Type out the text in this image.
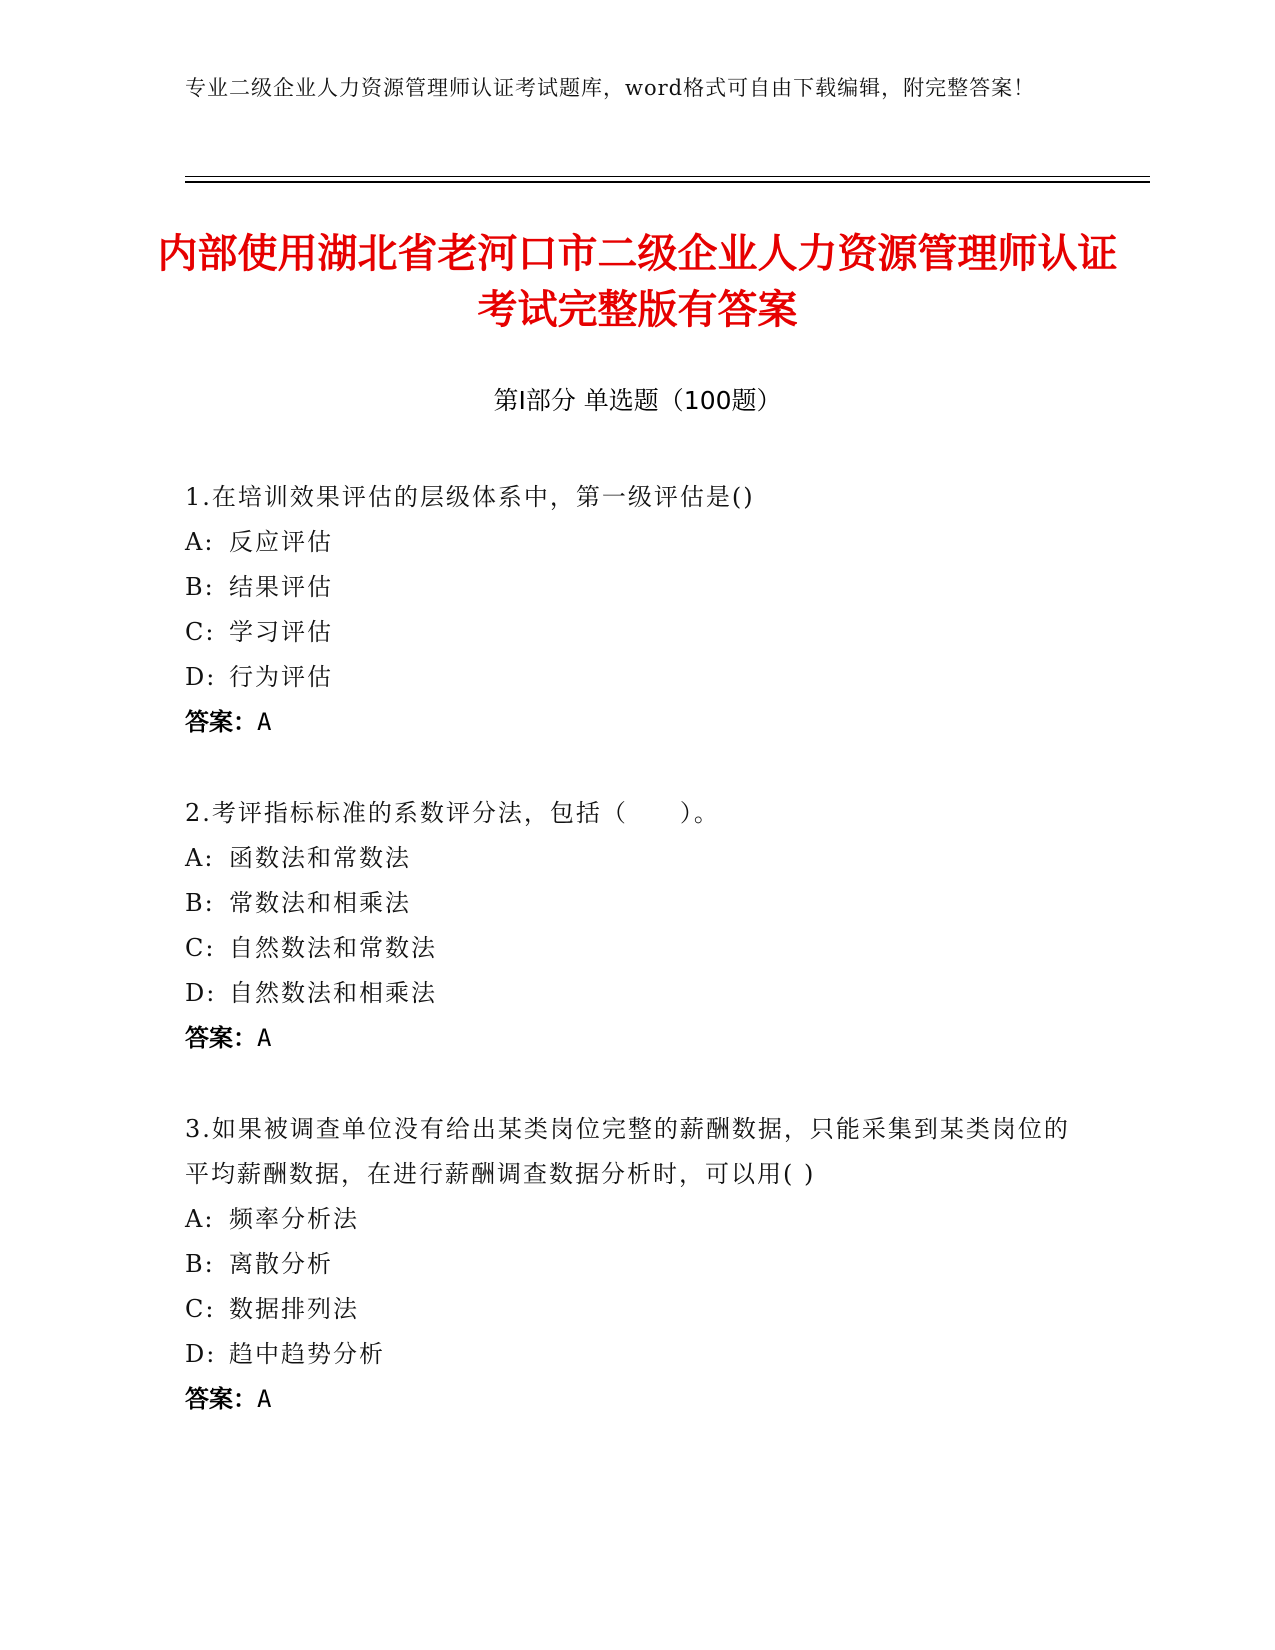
专业二级企业人力资源管理师认证考试题库，word格式可自由下载编辑，附完整答案！
内部使用湖北省老河口市二级企业人力资源管理师认证考试完整版有答案
第I部分 单选题（100题）
1.在培训效果评估的层级体系中，第一级评估是()
A: 反应评估
B: 结果评估
C: 学习评估
D: 行为评估
答案：A
2.考评指标标准的系数评分法，包括（　　）。
A: 函数法和常数法
B: 常数法和相乘法
C: 自然数法和常数法
D: 自然数法和相乘法
答案：A
3.如果被调查单位没有给出某类岗位完整的薪酬数据，只能采集到某类岗位的平均薪酬数据，在进行薪酬调查数据分析时，可以用( )
A: 频率分析法
B: 离散分析
C: 数据排列法
D: 趋中趋势分析
答案：A
